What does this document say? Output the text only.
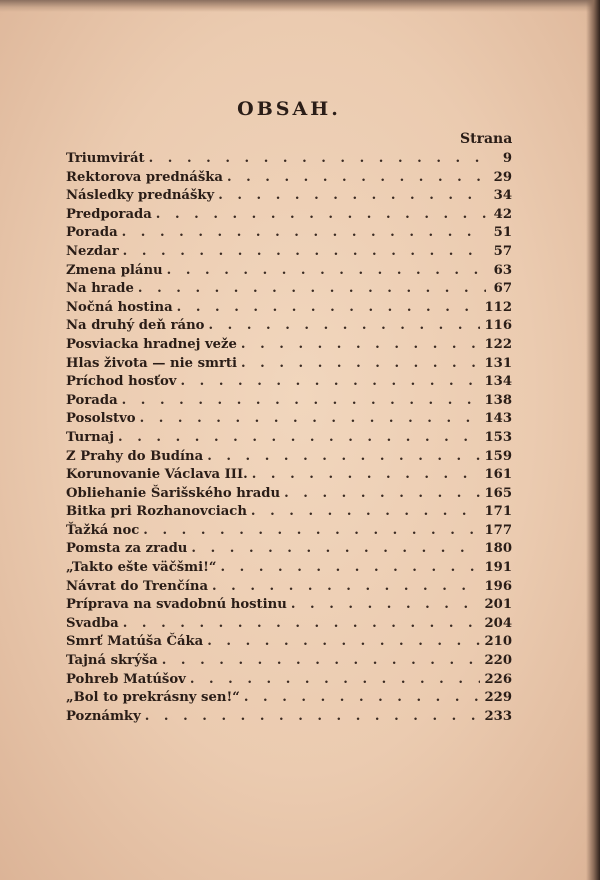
OBSAH.
Strana
Triumvirát . . .	9
Rektorova prednáška . . .	29
Následky prednášky . . .	34
Predporada . . .	42
Porada . . .	51
Nezdar . . .	57
Zmena plánu . . .	63
Na hrade . . .	67
Nočná hostina . . .	112
Na druhý deň ráno . . .	116
Posviacka hradnej veže . . .	122
Hlas života — nie smrti . . .	131
Príchod hosťov . . .	134
Porada . . .	138
Posolstvo . . .	143
Turnaj . . .	153
Z Prahy do Budína . . .	159
Korunovanie Václava III. . . .	161
Obliehanie Šarišského hradu . . .	165
Bitka pri Rozhanovciach . . .	171
Ťažká noc . . .	177
Pomsta za zradu . . .	180
„Takto ešte väčšmi!“ . . .	191
Návrat do Trenčína . . .	196
Príprava na svadobnú hostinu . . .	201
Svadba . . .	204
Smrť Matúša Čáka . . .	210
Tajná skrýša . . .	220
Pohreb Matúšov . . .	226
„Bol to prekrásny sen!“ . . .	229
Poznámky . . .	233
